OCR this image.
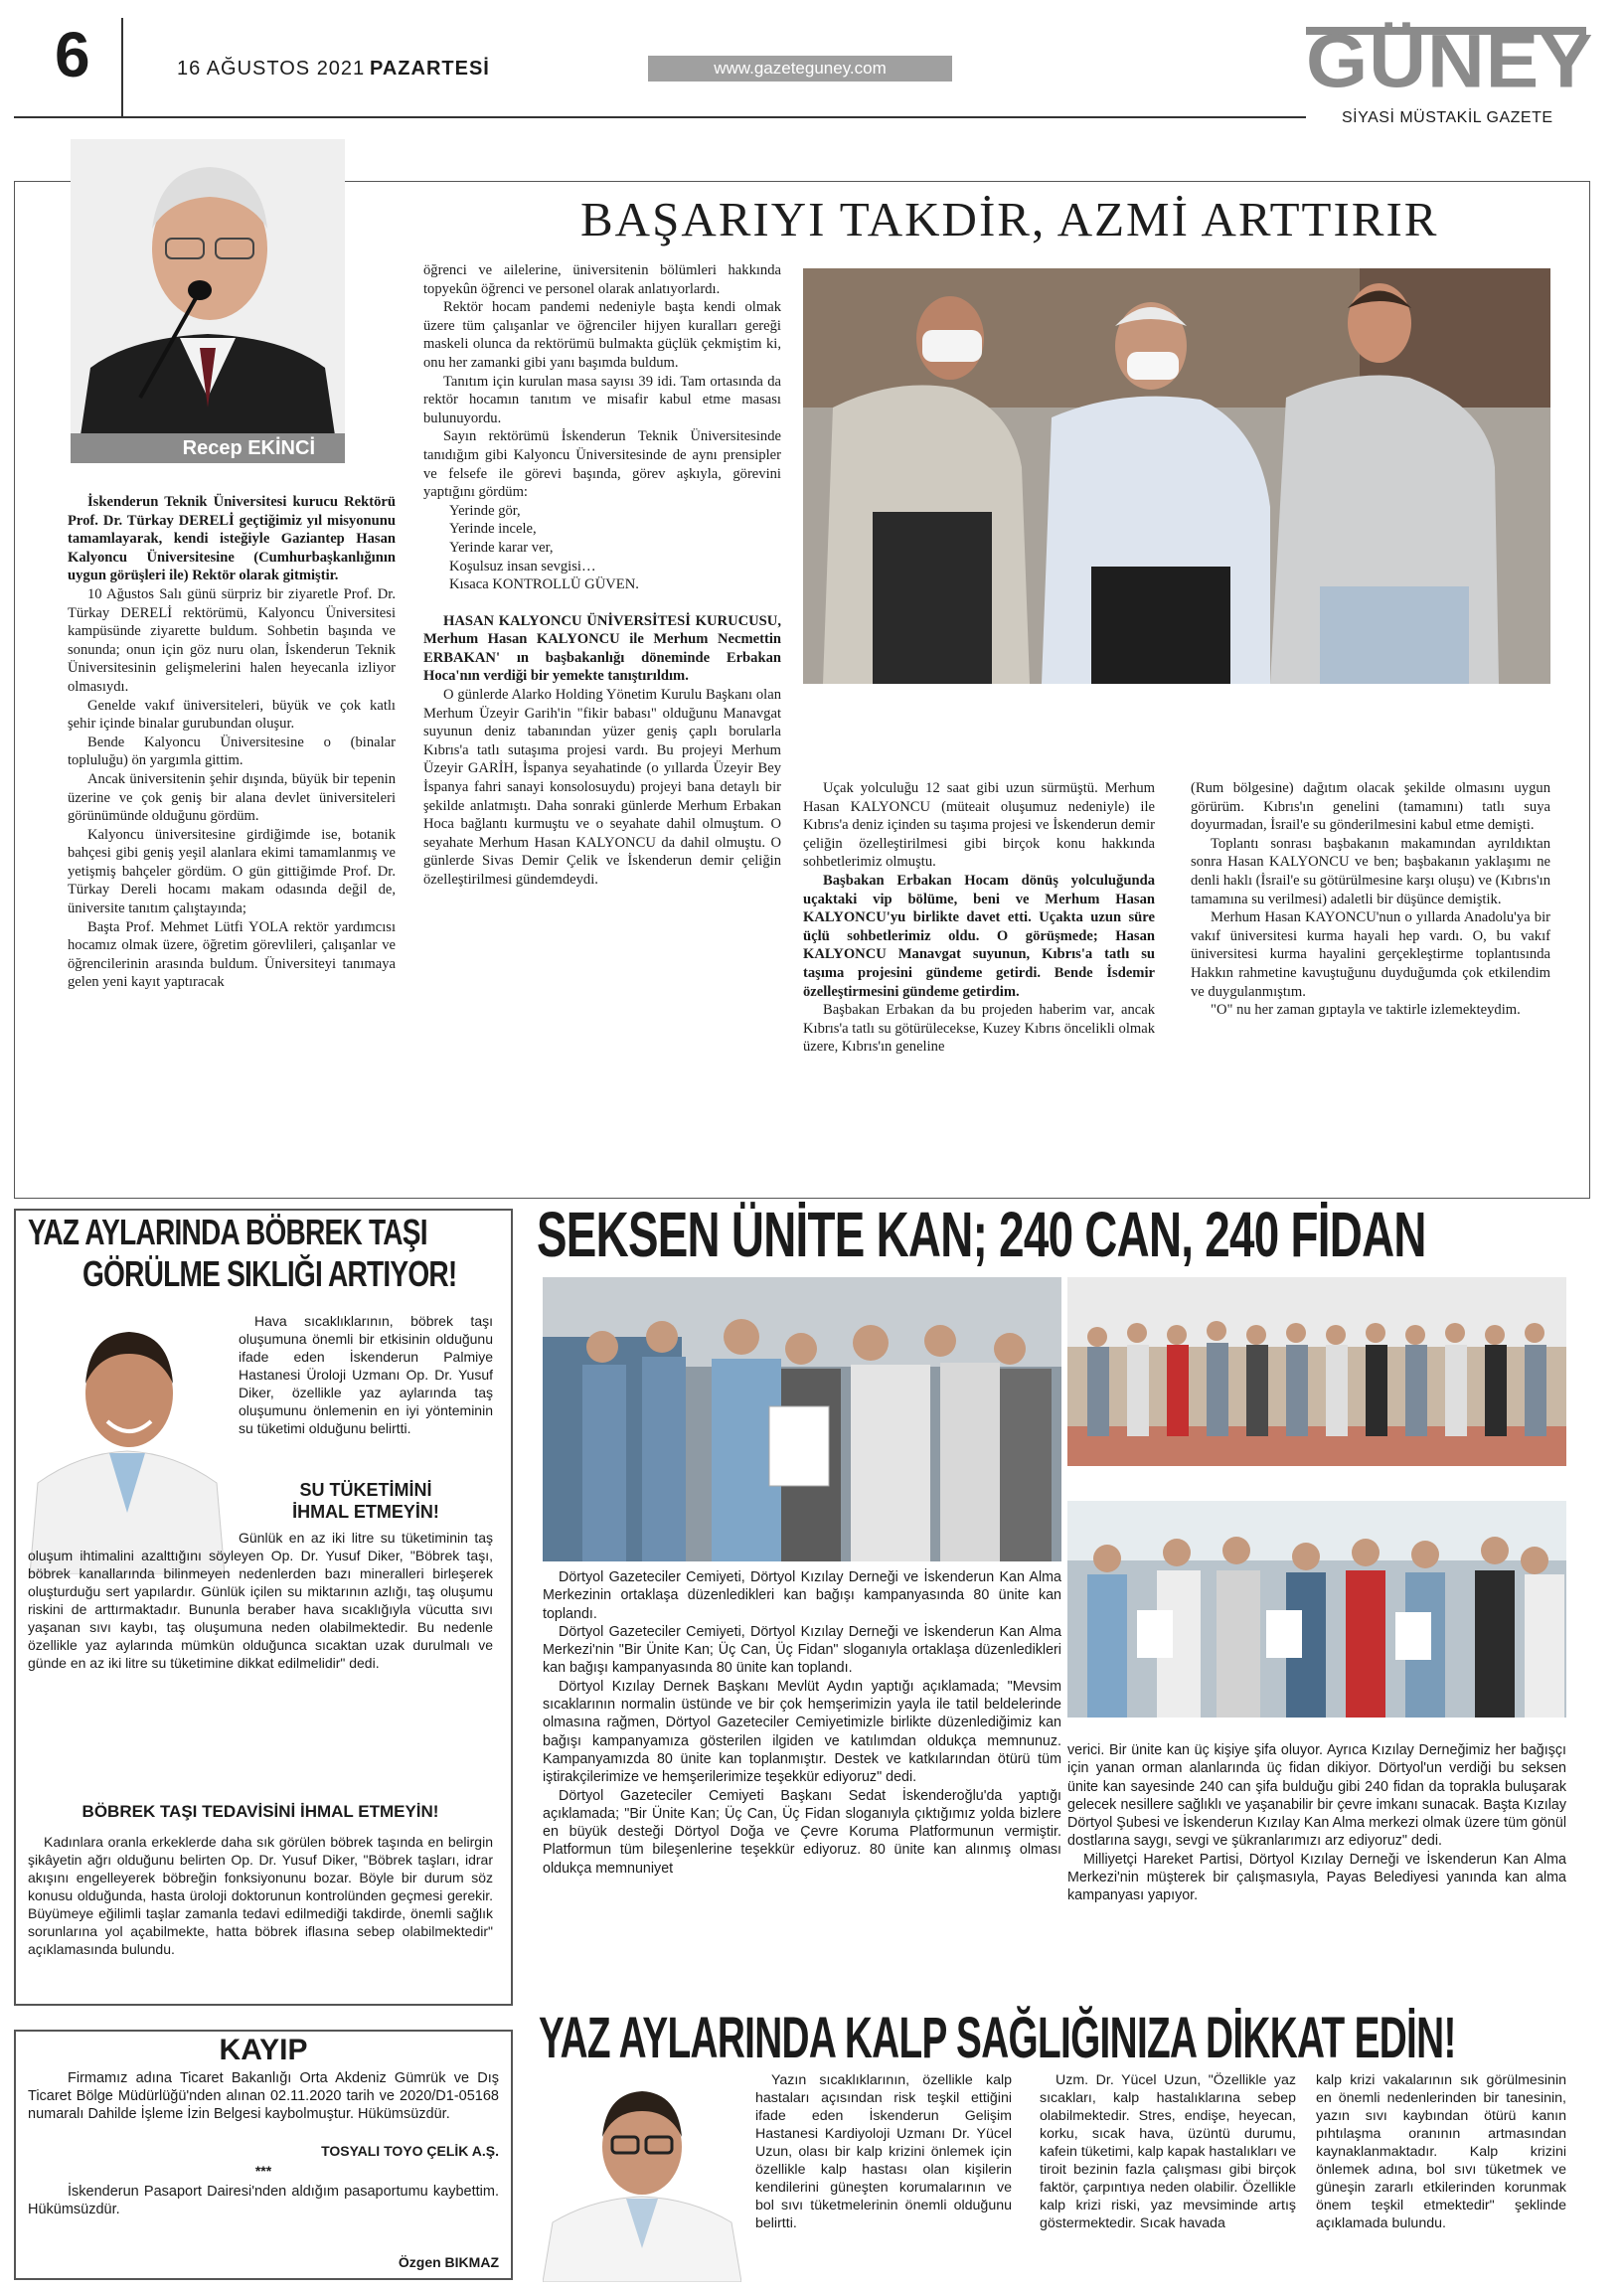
6	16 AĞUSTOS 2021 PAZARTESİ	www.gazeteguney.com	GÜNEY
SİYASİ MÜSTAKİL GAZETE
Recep EKİNCİ
BAŞARIYI TAKDİR, AZMİ ARTTIRIR

İskenderun Teknik Üniversitesi kurucu Rektörü Prof. Dr. Türkay DERELİ geçtiğimiz yıl misyonunu tamamlayarak, kendi isteğiyle Gaziantep Hasan Kalyoncu Üniversitesine (Cumhurbaşkanlığının uygun görüşleri ile) Rektör olarak gitmiştir.

10 Ağustos Salı günü sürpriz bir ziyaretle Prof. Dr. Türkay DERELİ rektörümü, Kalyoncu Üniversitesi kampüsünde ziyarette buldum. Sohbetin başında ve sonunda; onun için göz nuru olan, İskenderun Teknik Üniversitesinin gelişmelerini halen heyecanla izliyor olmasıydı.

Genelde vakıf üniversiteleri, büyük ve çok katlı şehir içinde binalar gurubundan oluşur.

Bende Kalyoncu Üniversitesine o (binalar topluluğu) ön yargımla gittim.

Ancak üniversitenin şehir dışında, büyük bir tepenin üzerine ve çok geniş bir alana devlet üniversiteleri görünümünde olduğunu gördüm.

Kalyoncu üniversitesine girdiğimde ise, botanik bahçesi gibi geniş yeşil alanlara ekimi tamamlanmış ve yetişmiş bahçeler gördüm. O gün gittiğimde Prof. Dr. Türkay Dereli hocamı makam odasında değil de, üniversite tanıtım çalıştayında;

Başta Prof. Mehmet Lütfi YOLA rektör yardımcısı hocamız olmak üzere, öğretim görevlileri, çalışanlar ve öğrencilerinin arasında buldum. Üniversiteyi tanımaya gelen yeni kayıt yaptıracak

öğrenci ve ailelerine, üniversitenin bölümleri hakkında topyekûn öğrenci ve personel olarak anlatıyorlardı.

Rektör hocam pandemi nedeniyle başta kendi olmak üzere tüm çalışanlar ve öğrenciler hijyen kuralları gereği maskeli olunca da rektörümü bulmakta güçlük çekmiştim ki, onu her zamanki gibi yanı başımda buldum.

Tanıtım için kurulan masa sayısı 39 idi. Tam ortasında da rektör hocamın tanıtım ve misafir kabul etme masası bulunuyordu.

Sayın rektörümü İskenderun Teknik Üniversitesinde tanıdığım gibi Kalyoncu Üniversitesinde de aynı prensipler ve felsefe ile görevi başında, görev aşkıyla, görevini yaptığını gördüm:

Yerinde gör,
Yerinde incele,
Yerinde karar ver,
Koşulsuz insan sevgisi…
Kısaca KONTROLLÜ GÜVEN.

HASAN KALYONCU ÜNİVERSİTESİ KURUCUSU, Merhum Hasan KALYONCU ile Merhum Necmettin ERBAKAN' ın başbakanlığı döneminde Erbakan Hoca'nın verdiği bir yemekte tanıştırıldım.

O günlerde Alarko Holding Yönetim Kurulu Başkanı olan Merhum Üzeyir Garih'in "fikir babası" olduğunu Manavgat suyunun deniz tabanından yüzer geniş çaplı borularla Kıbrıs'a tatlı sutaşıma projesi vardı. Bu projeyi Merhum Üzeyir GARİH, İspanya seyahatinde (o yıllarda Üzeyir Bey İspanya fahri sanayi konsolosuydu) projeyi bana detaylı bir şekilde anlatmıştı. Daha sonraki günlerde Merhum Erbakan Hoca bağlantı kurmuştu ve o seyahate dahil olmuştum. O seyahate Merhum Hasan KALYONCU da dahil olmuştu. O günlerde Sivas Demir Çelik ve İskenderun demir çeliğin özelleştirilmesi gündemdeydi.

Uçak yolculuğu 12 saat gibi uzun sürmüştü. Merhum Hasan KALYONCU (müteait oluşumuz nedeniyle) ile Kıbrıs'a deniz içinden su taşıma projesi ve İskenderun demir çeliğin özelleştirilmesi gibi birçok konu hakkında sohbetlerimiz olmuştu.

Başbakan Erbakan Hocam dönüş yolculuğunda uçaktaki vip bölüme, beni ve Merhum Hasan KALYONCU'yu birlikte davet etti. Uçakta uzun süre üçlü sohbetlerimiz oldu. O görüşmede; Hasan KALYONCU Manavgat suyunun, Kıbrıs'a tatlı su taşıma projesini gündeme getirdi. Bende İsdemir özelleştirmesini gündeme getirdim.

Başbakan Erbakan da bu projeden haberim var, ancak Kıbrıs'a tatlı su götürülecekse, Kuzey Kıbrıs öncelikli olmak üzere, Kıbrıs'ın geneline

(Rum bölgesine) dağıtım olacak şekilde olmasını uygun görürüm. Kıbrıs'ın genelini (tamamını) tatlı suya doyurmadan, İsrail'e su gönderilmesini kabul etme demişti.

Toplantı sonrası başbakanın makamından ayrıldıktan sonra Hasan KALYONCU ve ben; başbakanın yaklaşımı ne denli haklı (İsrail'e su götürülmesine karşı oluşu) ve (Kıbrıs'ın tamamına su verilmesi) adaletli bir düşünce demiştik.

Merhum Hasan KAYONCU'nun o yıllarda Anadolu'ya bir vakıf üniversitesi kurma hayali hep vardı. O, bu vakıf üniversitesi kurma hayalini gerçekleştirme toplantısında Hakkın rahmetine kavuştuğunu duyduğumda çok etkilendim ve duygulanmıştım.

"O" nu her zaman gıptayla ve taktirle izlemekteydim.

YAZ AYLARINDA BÖBREK TAŞI
GÖRÜLME SIKLIĞI ARTIYOR!
Hava sıcaklıklarının, böbrek taşı oluşumuna önemli bir etkisinin olduğunu ifade eden İskenderun Palmiye Hastanesi Üroloji Uzmanı Op. Dr. Yusuf Diker, özellikle yaz aylarında taş oluşumunu önlemenin en iyi yönteminin su tüketimi olduğunu belirtti.
SU TÜKETİMİNİ
İHMAL ETMEYİN!
Günlük en az iki litre su tüketiminin taş oluşum ihtimalini azalttığını söyleyen Op. Dr. Yusuf Diker, "Böbrek taşı, böbrek kanallarında bilinmeyen nedenlerden bazı mineralleri birleşerek oluşturduğu sert yapılardır. Günlük içilen su miktarının azlığı, taş oluşumu riskini de arttırmaktadır. Bununla beraber hava sıcaklığıyla vücutta sıvı yaşanan sıvı kaybı, taş oluşumuna neden olabilmektedir. Bu nedenle özellikle yaz aylarında mümkün olduğunca sıcaktan uzak durulmalı ve günde en az iki litre su tüketimine dikkat edilmelidir" dedi.
BÖBREK TAŞI TEDAVİSİNİ İHMAL ETMEYİN!
Kadınlara oranla erkeklerde daha sık görülen böbrek taşında en belirgin şikâyetin ağrı olduğunu belirten Op. Dr. Yusuf Diker, "Böbrek taşları, idrar akışını engelleyerek böbreğin fonksiyonunu bozar. Böyle bir durum söz konusu olduğunda, hasta üroloji doktorunun kontrolünden geçmesi gerekir. Büyümeye eğilimli taşlar zamanla tedavi edilmediği takdirde, önemli sağlık sorunlarına yol açabilmekte, hatta böbrek iflasına sebep olabilmektedir" açıklamasında bulundu.
KAYIP
Firmamız adına Ticaret Bakanlığı Orta Akdeniz Gümrük ve Dış Ticaret Bölge Müdürlüğü'nden alınan 02.11.2020 tarih ve 2020/D1-05168 numaralı Dahilde İşleme İzin Belgesi kaybolmuştur. Hükümsüzdür.
TOSYALI TOYO ÇELİK A.Ş.
***
İskenderun Pasaport Dairesi'nden aldığım pasaportumu kaybettim. Hükümsüzdür.
Özgen BIKMAZ
SEKSEN ÜNİTE KAN; 240 CAN, 240 FİDAN

Dörtyol Gazeteciler Cemiyeti, Dörtyol Kızılay Derneği ve İskenderun Kan Alma Merkezinin ortaklaşa düzenledikleri kan bağışı kampanyasında 80 ünite kan toplandı.

Dörtyol Gazeteciler Cemiyeti, Dörtyol Kızılay Derneği ve İskenderun Kan Alma Merkezi'nin "Bir Ünite Kan; Üç Can, Üç Fidan" sloganıyla ortaklaşa düzenledikleri kan bağışı kampanyasında 80 ünite kan toplandı.

Dörtyol Kızılay Dernek Başkanı Mevlüt Aydın yaptığı açıklamada; "Mevsim sıcaklarının normalin üstünde ve bir çok hemşerimizin yayla ile tatil beldelerinde olmasına rağmen, Dörtyol Gazeteciler Cemiyetimizle birlikte düzenlediğimiz kan bağışı kampanyamıza gösterilen ilgiden ve katılımdan oldukça memnunuz. Kampanyamızda 80 ünite kan toplanmıştır. Destek ve katkılarından ötürü tüm iştirakçilerimize ve hemşerilerimize teşekkür ediyoruz" dedi.

Dörtyol Gazeteciler Cemiyeti Başkanı Sedat İskenderoğlu'da yaptığı açıklamada; "Bir Ünite Kan; Üç Can, Üç Fidan sloganıyla çıktığımız yolda bizlere en büyük desteği Dörtyol Doğa ve Çevre Koruma Platformunun vermiştir. Platformun tüm bileşenlerine teşekkür ediyoruz. 80 ünite kan alınmış olması oldukça memnuniyet

verici. Bir ünite kan üç kişiye şifa oluyor. Ayrıca Kızılay Derneğimiz her bağışçı için yanan orman alanlarında üç fidan dikiyor. Dörtyol'un verdiği bu seksen ünite kan sayesinde 240 can şifa bulduğu gibi 240 fidan da toprakla buluşarak gelecek nesillere sağlıklı ve yaşanabilir bir çevre imkanı sunacak. Başta Kızılay Dörtyol Şubesi ve İskenderun Kızılay Kan Alma merkezi olmak üzere tüm gönül dostlarına saygı, sevgi ve şükranlarımızı arz ediyoruz" dedi.

Milliyetçi Hareket Partisi, Dörtyol Kızılay Derneği ve İskenderun Kan Alma Merkezi'nin müşterek bir çalışmasıyla, Payas Belediyesi yanında kan alma kampanyası yapıyor.

YAZ AYLARINDA KALP SAĞLIĞINIZA DİKKAT EDİN!
Yazın sıcaklıklarının, özellikle kalp hastaları açısından risk teşkil ettiğini ifade eden İskenderun Gelişim Hastanesi Kardiyoloji Uzmanı Dr. Yücel Uzun, olası bir kalp krizini önlemek için özellikle kalp hastası olan kişilerin kendilerini güneşten korumalarının ve bol sıvı tüketmelerinin önemli olduğunu belirtti.
Uzm. Dr. Yücel Uzun, "Özellikle yaz sıcakları, kalp hastalıklarına sebep olabilmektedir. Stres, endişe, heyecan, korku, sıcak hava, üzüntü durumu, kafein tüketimi, kalp kapak hastalıkları ve tiroit bezinin fazla çalışması gibi birçok faktör, çarpıntıya neden olabilir. Özellikle kalp krizi riski, yaz mevsiminde artış göstermektedir. Sıcak havada
kalp krizi vakalarının sık görülmesinin en önemli nedenlerinden bir tanesinin, yazın sıvı kaybından ötürü kanın pıhtılaşma oranının artmasından kaynaklanmaktadır. Kalp krizini önlemek adına, bol sıvı tüketmek ve güneşin zararlı etkilerinden korunmak önem teşkil etmektedir" şeklinde açıklamada bulundu.
